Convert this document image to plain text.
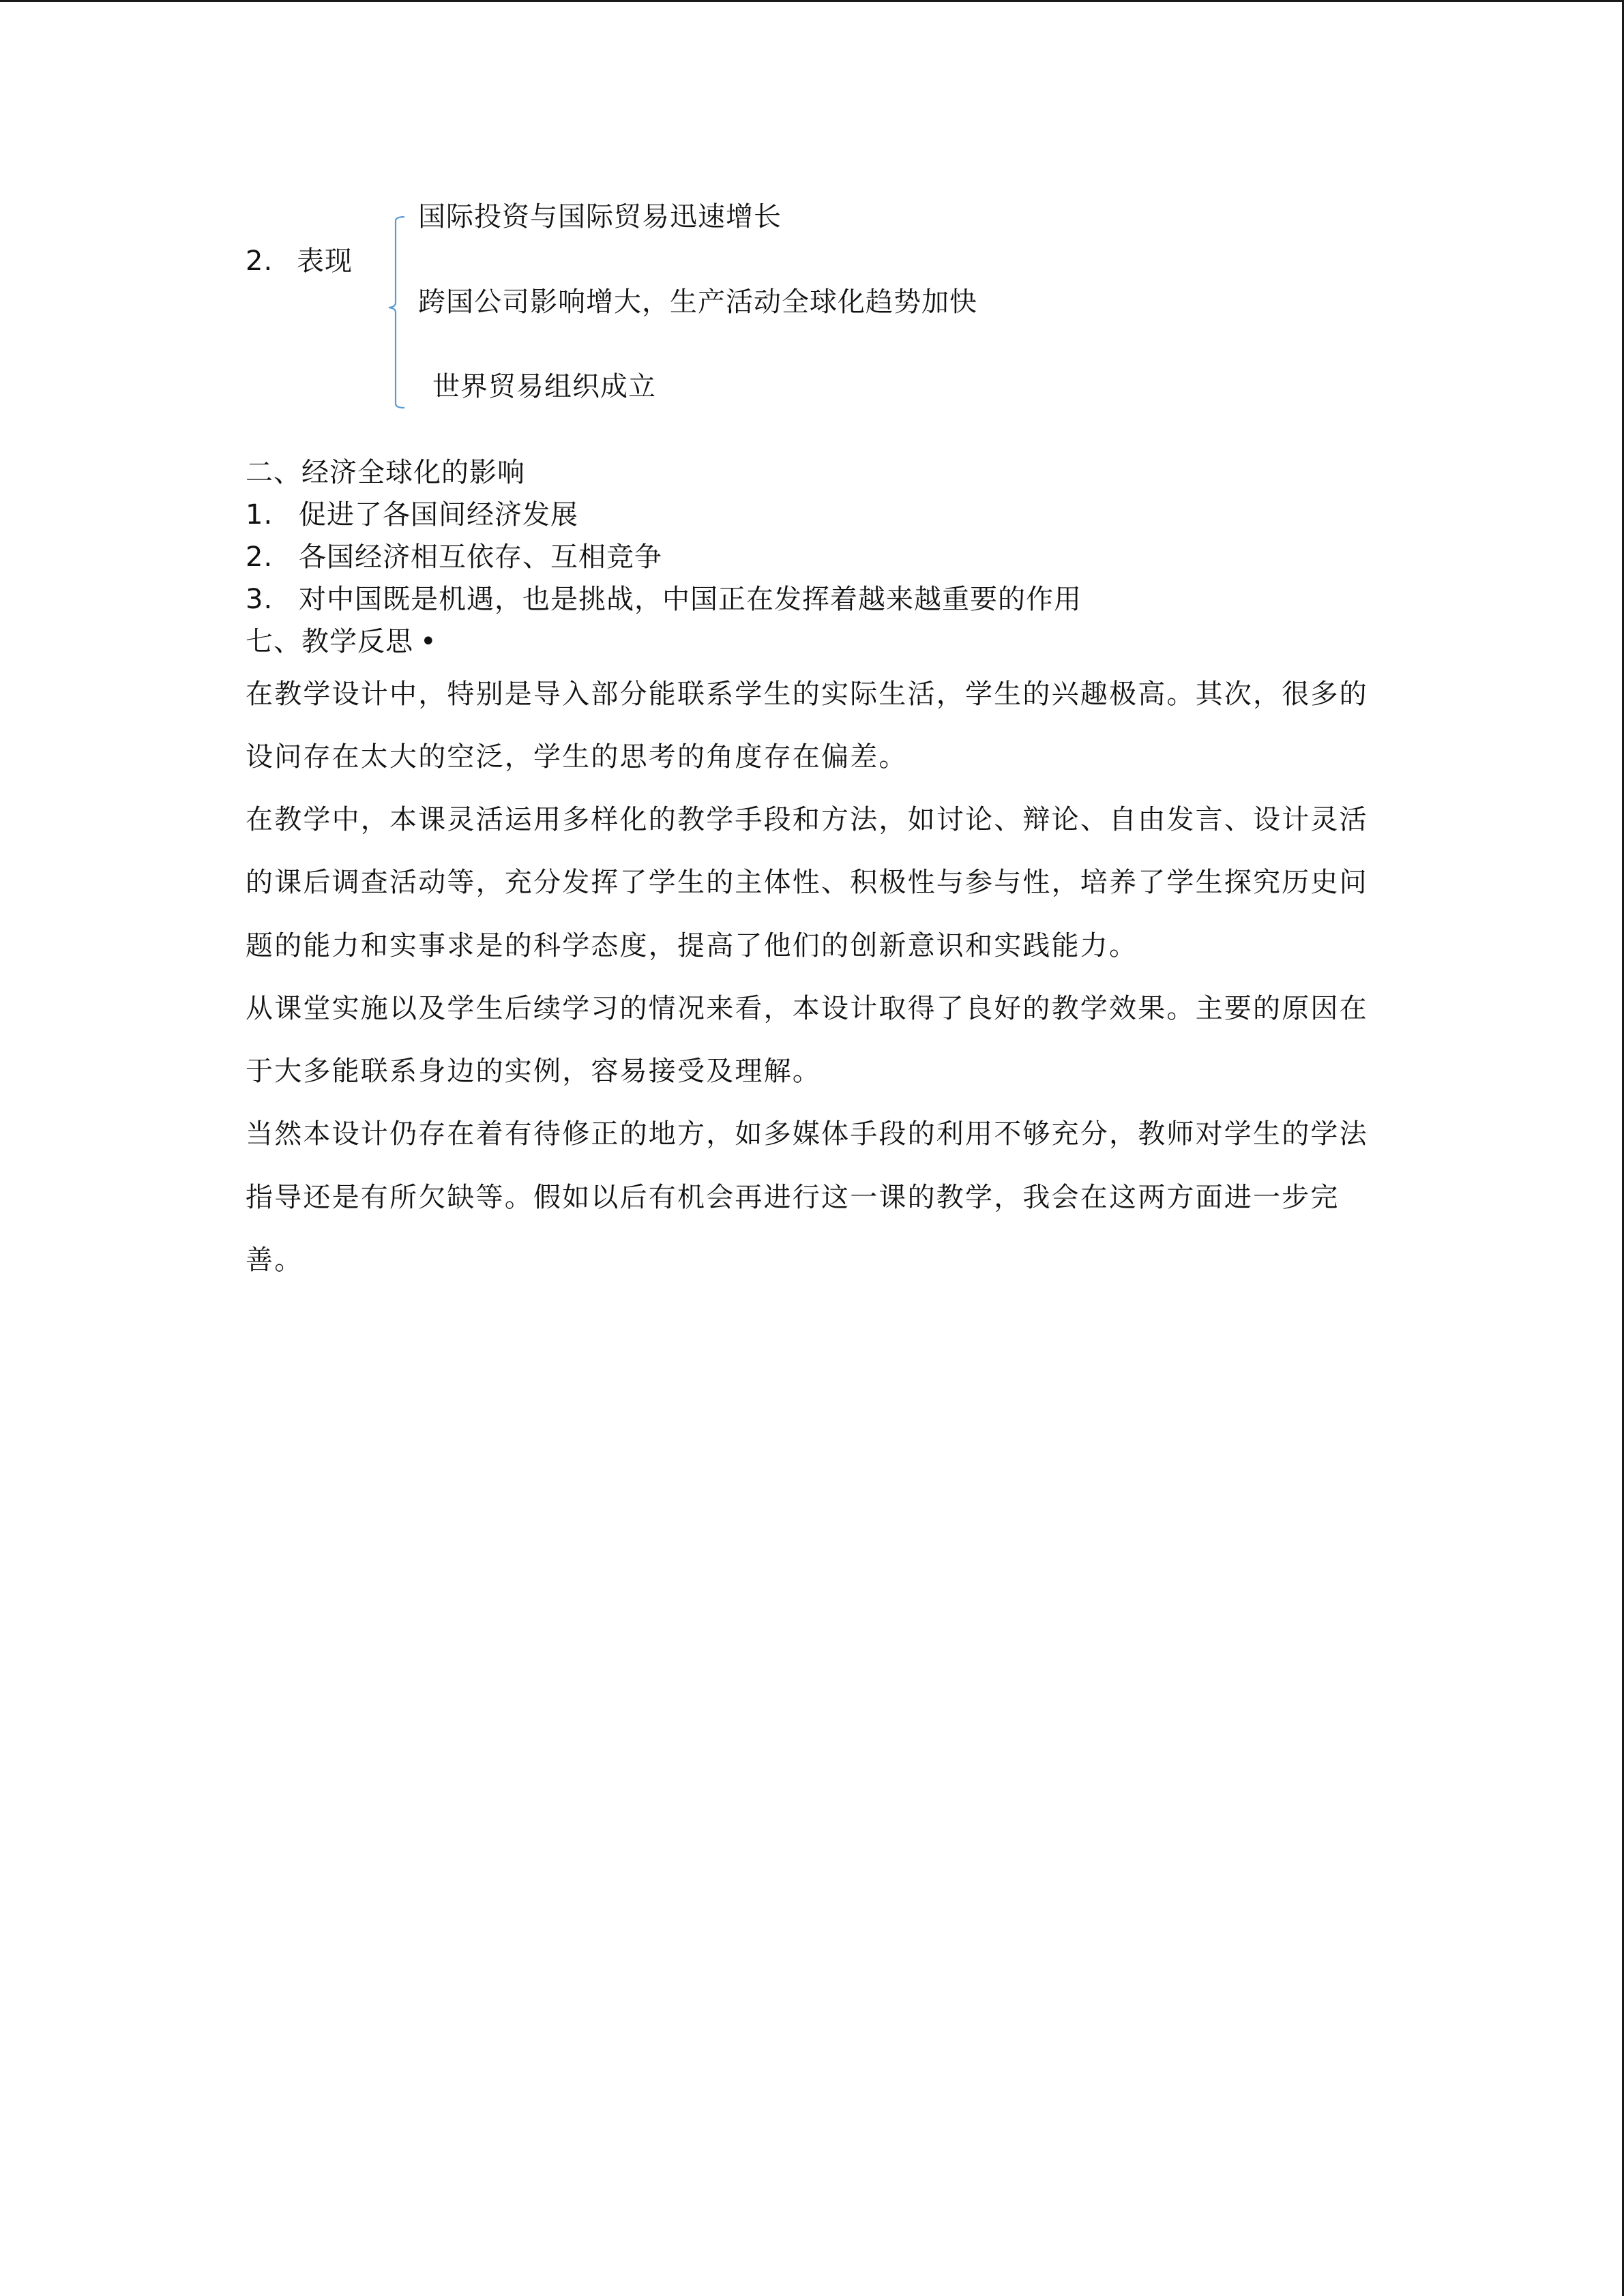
2. 表现
国际投资与国际贸易迅速增长
跨国公司影响增大，生产活动全球化趋势加快
世界贸易组织成立
二、经济全球化的影响
1. 促进了各国间经济发展
2. 各国经济相互依存、互相竞争
3. 对中国既是机遇，也是挑战，中国正在发挥着越来越重要的作用
七、教学反思 •
在教学设计中，特别是导入部分能联系学生的实际生活，学生的兴趣极高。其次，很多的
设问存在太大的空泛，学生的思考的角度存在偏差。
在教学中，本课灵活运用多样化的教学手段和方法，如讨论、辩论、自由发言、设计灵活
的课后调查活动等，充分发挥了学生的主体性、积极性与参与性，培养了学生探究历史问
题的能力和实事求是的科学态度，提高了他们的创新意识和实践能力。
从课堂实施以及学生后续学习的情况来看，本设计取得了良好的教学效果。主要的原因在
于大多能联系身边的实例，容易接受及理解。
当然本设计仍存在着有待修正的地方，如多媒体手段的利用不够充分，教师对学生的学法
指导还是有所欠缺等。假如以后有机会再进行这一课的教学，我会在这两方面进一步完
善。
